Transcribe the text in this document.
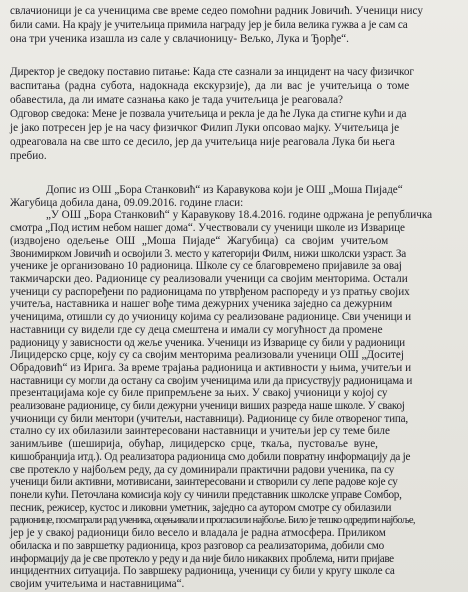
свлачионици је са ученицима све време седео помоћни радник Јовичић. Ученици нису
били сами. На крају је учитељица примила награду јер је била велика гужва а је сам са
она три ученика изашла из сале у свлачионицу- Вељко, Лука и Ђорђе“.
Директор је сведоку поставио питање: Када сте сазнали за инцидент на часу физичког
васпитања (радна субота, надокнада екскурзије), да ли вас је учитељица о томе
обавестила, да ли имате сазнања како је тада учитељица је реаговала?
Одговор сведока: Мене је позвала учитељица и рекла је да ће Лука да стигне кући и да
је јако потресен јер је на часу физичког Филип Луки опсовао мајку. Учитељица је
одреаговала на све што се десило, јер да учитељица није реаговала Лука би њега
пребио.
Допис из ОШ „Бора Станковић“ из Каравукова који је ОШ „Моша Пијаде“
Жагубица добила дана, 09.09.2016. године гласи:
„У ОШ „Бора Станковић“ у Каравукову 18.4.2016. године одржана је републичка
смотра „Под истим небом нашег дома“. Учествовали су ученици школе из Изварице
(издвојено одељење ОШ „Моша Пијаде“ Жагубица) са својим учитељом
Звонимирком Јовичић и освојили 3. место у категорији Филм, нижи школски узраст. За
ученике је организовано 10 радионица. Школе су се благовремено пријавиле за овај
такмичарски део. Радионице су реализовали ученици са својим менторима. Остали
ученици су распоређени по радионицама по утврђеном распореду и уз пратњу својих
учитеља, наставника и нашег вође тима дежурних ученика заједно са дежурним
ученицима, отишли су до учионицу којима су реализоване радионице. Сви ученици и
наставници су видели где су деца смештена и имали су могућност да промене
радионицу у зависности од жеље ученика. Ученици из Изварице су били у радионици
Лицидерско срце, коју су са својим менторима реализовали ученици ОШ „Доситеј
Обрадовић“ из Ирига. За време трајања радионица и активности у њима, учитељи и
наставници су могли да остану са својим ученицима или да присуствују радионицама и
презентацијама које су биле припремљене за њих. У свакој учионици у којој су
реализоване радионице, су били дежурни ученици виших разреда наше школе. У свакој
учионици су били ментори (учитељи, наставници). Радионице су биле отвореног типа,
стално су их обилазили заинтересовани наставници и учитељи јер су теме биле
занимљиве (шеширија, обућар, лицидерско срце, ткаља, пустоваље вуне,
кишобранџија итд.). Од реализатора радионица смо добили повратну информацију да је
све протекло у најбољем реду, да су доминирали практични радови ученика, па су
ученици били активни, мотивисани, заинтересовани и створили су лепе радове које су
понели кући. Петочлана комисија коју су чинили представник школске управе Сомбор,
песник, режисер, кустос и ликовни уметник, заједно са аутором смотре су обилазили
радионице, посматрали рад ученика, оцењивали и прогласили најбоље. Било је тешко одредити најбоље,
јер је у свакој радионици било весело и владала је радна атмосфера. Приликом
обиласка и по завршетку радионица, кроз разговор са реализаторима, добили смо
информацију да је све протекло у реду и да није било никаквих проблема, нити пријаве
инцидентних ситуација. По завршеку радионица, ученици су били у кругу школе са
својим учитељима и наставницима“.
